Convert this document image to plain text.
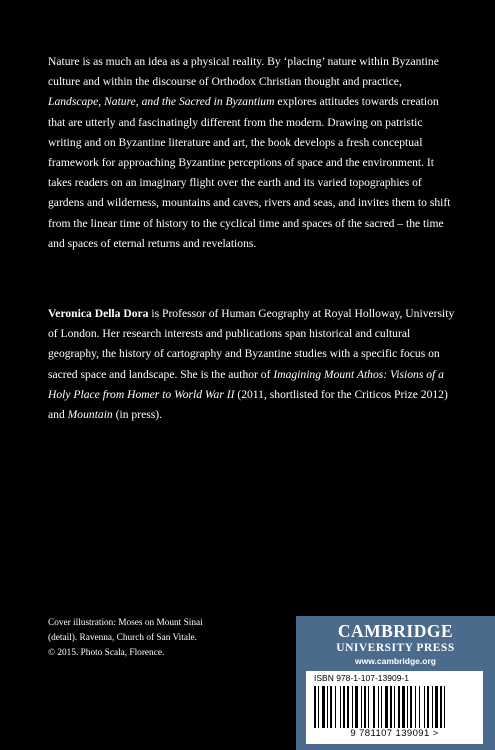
Nature is as much an idea as a physical reality. By ‘placing’ nature within Byzantine culture and within the discourse of Orthodox Christian thought and practice, Landscape, Nature, and the Sacred in Byzantium explores attitudes towards creation that are utterly and fascinatingly different from the modern. Drawing on patristic writing and on Byzantine literature and art, the book develops a fresh conceptual framework for approaching Byzantine perceptions of space and the environment. It takes readers on an imaginary flight over the earth and its varied topographies of gardens and wilderness, mountains and caves, rivers and seas, and invites them to shift from the linear time of history to the cyclical time and spaces of the sacred – the time and spaces of eternal returns and revelations.

Veronica Della Dora is Professor of Human Geography at Royal Holloway, University of London. Her research interests and publications span historical and cultural geography, the history of cartography and Byzantine studies with a specific focus on sacred space and landscape. She is the author of Imagining Mount Athos: Visions of a Holy Place from Homer to World War II (2011, shortlisted for the Criticos Prize 2012) and Mountain (in press).

Cover illustration: Moses on Mount Sinai
(detail). Ravenna, Church of San Vitale.
© 2015. Photo Scala, Florence.
CAMBRIDGE
UNIVERSITY PRESS
www.cambridge.org
ISBN 978-1-107-13909-1
9 781107 139091 >
